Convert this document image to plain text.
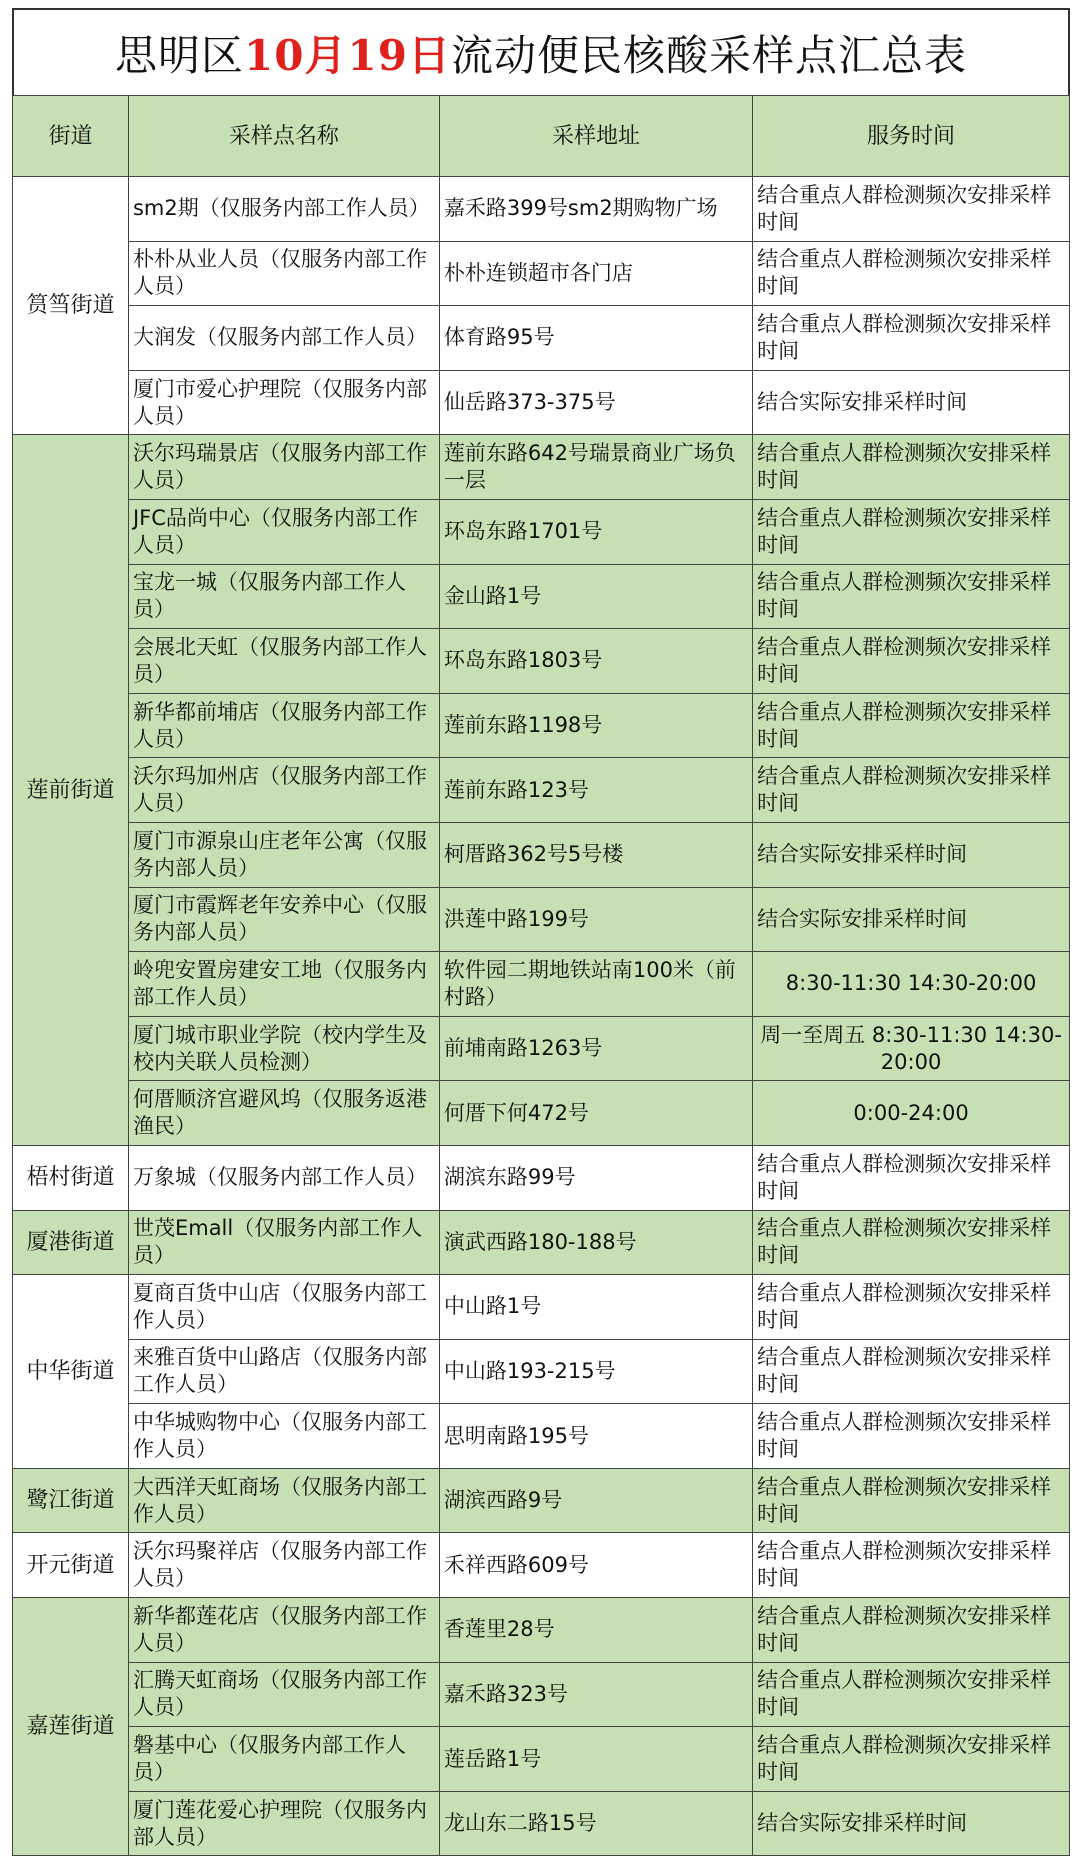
思明区 10月19日 流动便民核酸采样点汇总表
街道	采样点名称	采样地址	服务时间
筼筜街道	sm2期（仅服务内部工作人员）	嘉禾路399号sm2期购物广场	结合重点人群检测频次安排采样时间
	朴朴从业人员（仅服务内部工作人员）	朴朴连锁超市各门店	结合重点人群检测频次安排采样时间
	大润发（仅服务内部工作人员）	体育路95号	结合重点人群检测频次安排采样时间
	厦门市爱心护理院（仅服务内部人员）	仙岳路373-375号	结合实际安排采样时间
莲前街道	沃尔玛瑞景店（仅服务内部工作人员）	莲前东路642号瑞景商业广场负一层	结合重点人群检测频次安排采样时间
	JFC品尚中心（仅服务内部工作人员）	环岛东路1701号	结合重点人群检测频次安排采样时间
	宝龙一城（仅服务内部工作人员）	金山路1号	结合重点人群检测频次安排采样时间
	会展北天虹（仅服务内部工作人员）	环岛东路1803号	结合重点人群检测频次安排采样时间
	新华都前埔店（仅服务内部工作人员）	莲前东路1198号	结合重点人群检测频次安排采样时间
	沃尔玛加州店（仅服务内部工作人员）	莲前东路123号	结合重点人群检测频次安排采样时间
	厦门市源泉山庄老年公寓（仅服务内部人员）	柯厝路362号5号楼	结合实际安排采样时间
	厦门市霞辉老年安养中心（仅服务内部人员）	洪莲中路199号	结合实际安排采样时间
	岭兜安置房建安工地（仅服务内部工作人员）	软件园二期地铁站南100米（前村路）	8:30-11:30 14:30-20:00
	厦门城市职业学院（校内学生及校内关联人员检测）	前埔南路1263号	周一至周五 8:30-11:30 14:30-20:00
	何厝顺济宫避风坞（仅服务返港渔民）	何厝下何472号	0:00-24:00
梧村街道	万象城（仅服务内部工作人员）	湖滨东路99号	结合重点人群检测频次安排采样时间
厦港街道	世茂Emall（仅服务内部工作人员）	演武西路180-188号	结合重点人群检测频次安排采样时间
中华街道	夏商百货中山店（仅服务内部工作人员）	中山路1号	结合重点人群检测频次安排采样时间
	来雅百货中山路店（仅服务内部工作人员）	中山路193-215号	结合重点人群检测频次安排采样时间
	中华城购物中心（仅服务内部工作人员）	思明南路195号	结合重点人群检测频次安排采样时间
鹭江街道	大西洋天虹商场（仅服务内部工作人员）	湖滨西路9号	结合重点人群检测频次安排采样时间
开元街道	沃尔玛聚祥店（仅服务内部工作人员）	禾祥西路609号	结合重点人群检测频次安排采样时间
嘉莲街道	新华都莲花店（仅服务内部工作人员）	香莲里28号	结合重点人群检测频次安排采样时间
	汇腾天虹商场（仅服务内部工作人员）	嘉禾路323号	结合重点人群检测频次安排采样时间
	磐基中心（仅服务内部工作人员）	莲岳路1号	结合重点人群检测频次安排采样时间
	厦门莲花爱心护理院（仅服务内部人员）	龙山东二路15号	结合实际安排采样时间
